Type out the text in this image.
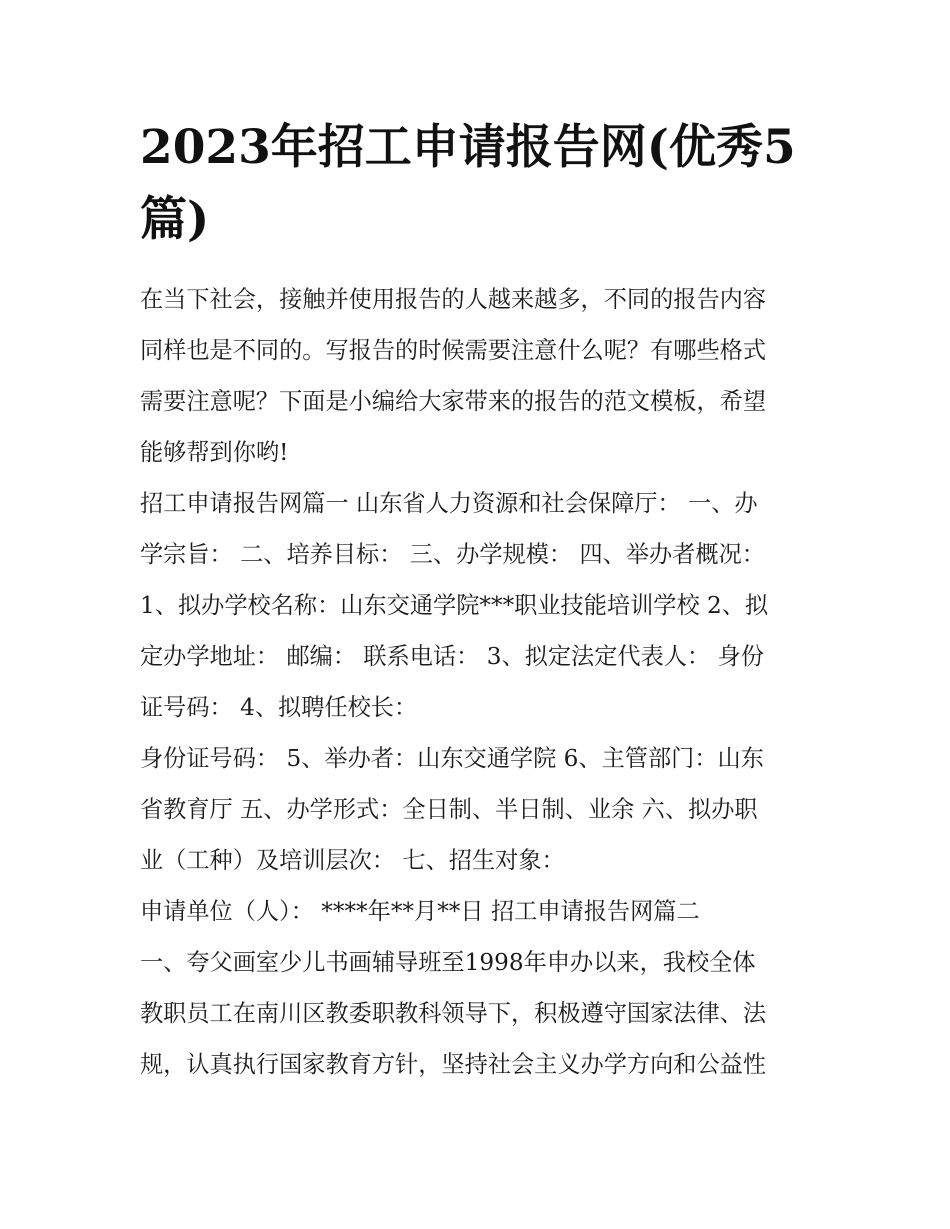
2023年招工申请报告网(优秀5
篇)
在当下社会，接触并使用报告的人越来越多，不同的报告内容
同样也是不同的。写报告的时候需要注意什么呢？有哪些格式
需要注意呢？下面是小编给大家带来的报告的范文模板，希望
能够帮到你哟!
招工申请报告网篇一 山东省人力资源和社会保障厅： 一、办
学宗旨： 二、培养目标： 三、办学规模： 四、举办者概况：
1、拟办学校名称：山东交通学院***职业技能培训学校 2、拟
定办学地址： 邮编： 联系电话： 3、拟定法定代表人： 身份
证号码： 4、拟聘任校长：
身份证号码： 5、举办者：山东交通学院 6、主管部门：山东
省教育厅 五、办学形式：全日制、半日制、业余 六、拟办职
业（工种）及培训层次： 七、招生对象：
申请单位（人）： ****年**月**日 招工申请报告网篇二
一、夸父画室少儿书画辅导班至1998年申办以来，我校全体
教职员工在南川区教委职教科领导下，积极遵守国家法律、法
规，认真执行国家教育方针，坚持社会主义办学方向和公益性
